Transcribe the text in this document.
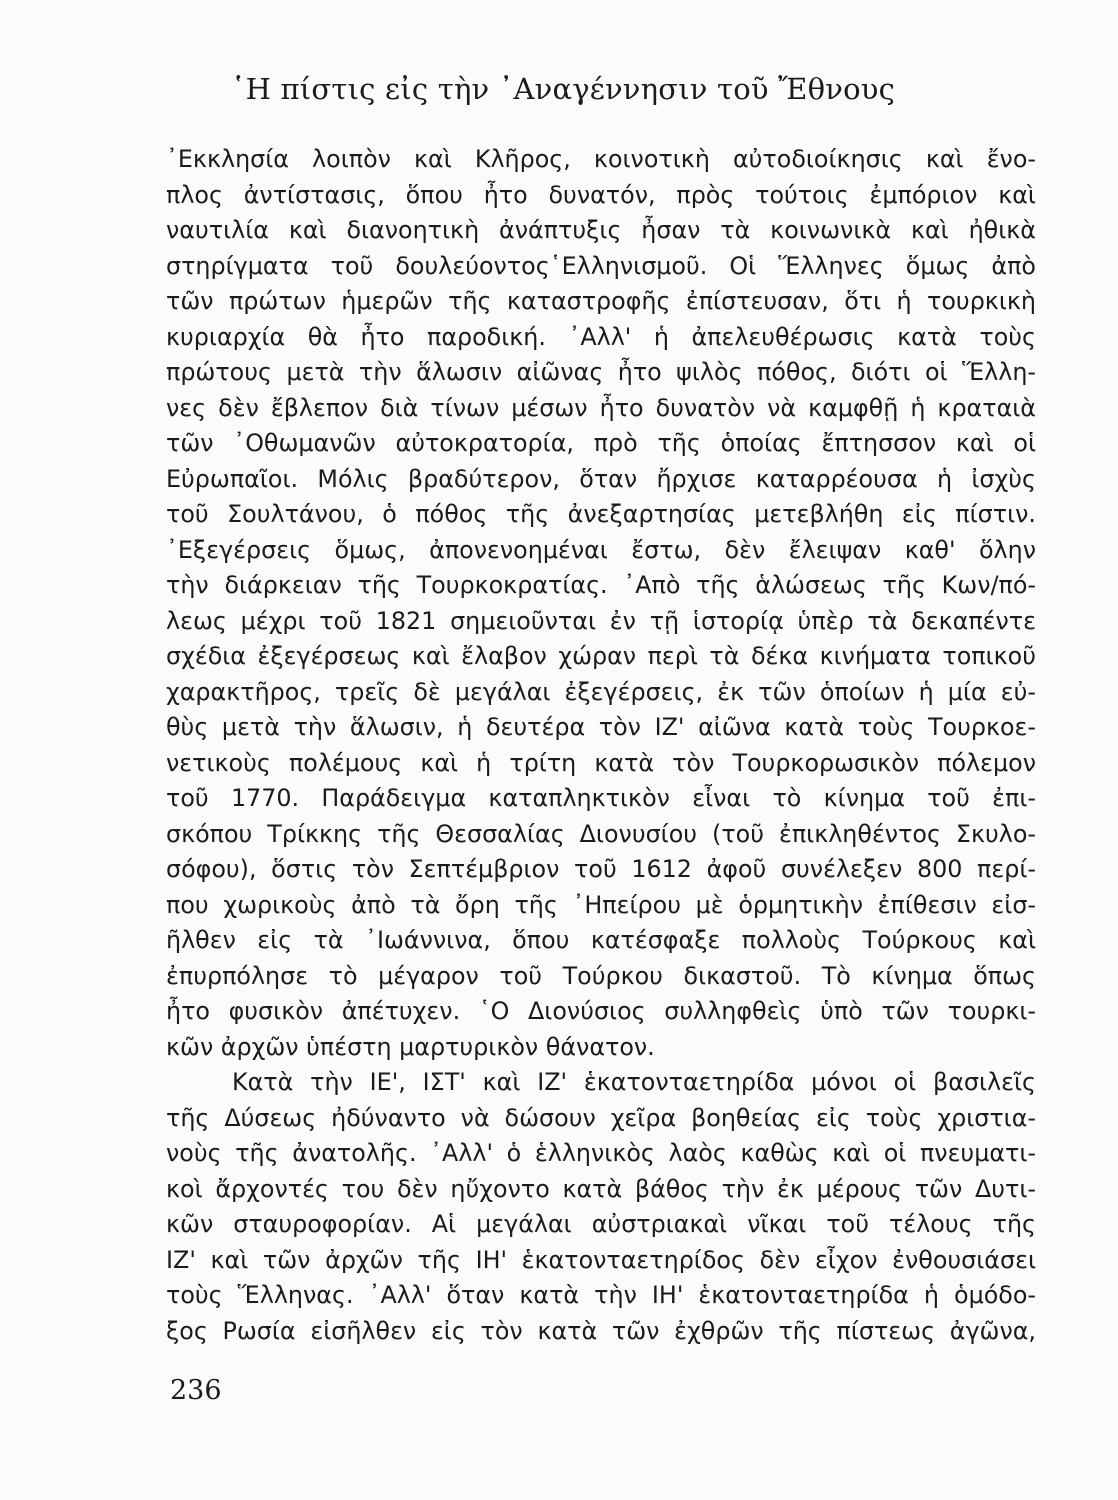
῾Η πίστις εἰς τὴν ᾿Αναγέννησιν τοῦ Ἔθνους
᾿Εκκλησία λοιπὸν καὶ Κλῆρος, κοινοτικὴ αὐτοδιοίκησις καὶ ἔνο-
πλος ἀντίστασις, ὅπου ἦτο δυνατόν, πρὸς τούτοις ἐμπόριον καὶ
ναυτιλία καὶ διανοητικὴ ἀνάπτυξις ἦσαν τὰ κοινωνικὰ καὶ ἠθικὰ
στηρίγματα τοῦ δουλεύοντος῾Ελληνισμοῦ. Οἱ Ἕλληνες ὅμως ἀπὸ
τῶν πρώτων ἡμερῶν τῆς καταστροφῆς ἐπίστευσαν, ὅτι ἡ τουρκικὴ
κυριαρχία θὰ ἦτο παροδική. ᾿Αλλ' ἡ ἀπελευθέρωσις κατὰ τοὺς
πρώτους μετὰ τὴν ἅλωσιν αἰῶνας ἦτο ψιλὸς πόθος, διότι οἱ Ἕλλη-
νες δὲν ἔβλεπον διὰ τίνων μέσων ἦτο δυνατὸν νὰ καμφθῇ ἡ κραταιὰ
τῶν ᾿Οθωμανῶν αὐτοκρατορία, πρὸ τῆς ὁποίας ἔπτησσον καὶ οἱ
Εὐρωπαῖοι. Μόλις βραδύτερον, ὅταν ἤρχισε καταρρέουσα ἡ ἰσχὺς
τοῦ Σουλτάνου, ὁ πόθος τῆς ἀνεξαρτησίας μετεβλήθη εἰς πίστιν.
᾿Εξεγέρσεις ὅμως, ἀπονενοημέναι ἔστω, δὲν ἔλειψαν καθ' ὅλην
τὴν διάρκειαν τῆς Τουρκοκρατίας. ᾿Απὸ τῆς ἁλώσεως τῆς Κων/πό-
λεως μέχρι τοῦ 1821 σημειοῦνται ἐν τῇ ἱστορίᾳ ὑπὲρ τὰ δεκαπέντε
σχέδια ἐξεγέρσεως καὶ ἔλαβον χώραν περὶ τὰ δέκα κινήματα τοπικοῦ
χαρακτῆρος, τρεῖς δὲ μεγάλαι ἐξεγέρσεις, ἐκ τῶν ὁποίων ἡ μία εὐ-
θὺς μετὰ τὴν ἅλωσιν, ἡ δευτέρα τὸν ΙΖ' αἰῶνα κατὰ τοὺς Τουρκοε-
νετικοὺς πολέμους καὶ ἡ τρίτη κατὰ τὸν Τουρκορωσικὸν πόλεμον
τοῦ 1770. Παράδειγμα καταπληκτικὸν εἶναι τὸ κίνημα τοῦ ἐπι-
σκόπου Τρίκκης τῆς Θεσσαλίας Διονυσίου (τοῦ ἐπικληθέντος Σκυλο-
σόφου), ὅστις τὸν Σεπτέμβριον τοῦ 1612 ἀφοῦ συνέλεξεν 800 περί-
που χωρικοὺς ἀπὸ τὰ ὄρη τῆς ᾿Ηπείρου μὲ ὁρμητικὴν ἐπίθεσιν εἰσ-
ῆλθεν εἰς τὰ ᾿Ιωάννινα, ὅπου κατέσφαξε πολλοὺς Τούρκους καὶ
ἐπυρπόλησε τὸ μέγαρον τοῦ Τούρκου δικαστοῦ. Τὸ κίνημα ὅπως
ἦτο φυσικὸν ἀπέτυχεν. ῾Ο Διονύσιος συλληφθεὶς ὑπὸ τῶν τουρκι-
κῶν ἀρχῶν ὑπέστη μαρτυρικὸν θάνατον.
Κατὰ τὴν ΙΕ', ΙΣΤ' καὶ ΙΖ' ἑκατονταετηρίδα μόνοι οἱ βασιλεῖς
τῆς Δύσεως ἠδύναντο νὰ δώσουν χεῖρα βοηθείας εἰς τοὺς χριστια-
νοὺς τῆς ἀνατολῆς. ᾿Αλλ' ὁ ἑλληνικὸς λαὸς καθὼς καὶ οἱ πνευματι-
κοὶ ἄρχοντές του δὲν ηὔχοντο κατὰ βάθος τὴν ἐκ μέρους τῶν Δυτι-
κῶν σταυροφορίαν. Αἱ μεγάλαι αὐστριακαὶ νῖκαι τοῦ τέλους τῆς
ΙΖ' καὶ τῶν ἀρχῶν τῆς ΙΗ' ἑκατονταετηρίδος δὲν εἶχον ἐνθουσιάσει
τοὺς Ἕλληνας. ᾿Αλλ' ὅταν κατὰ τὴν ΙΗ' ἑκατονταετηρίδα ἡ ὁμόδο-
ξος Ρωσία εἰσῆλθεν εἰς τὸν κατὰ τῶν ἐχθρῶν τῆς πίστεως ἀγῶνα,
236
